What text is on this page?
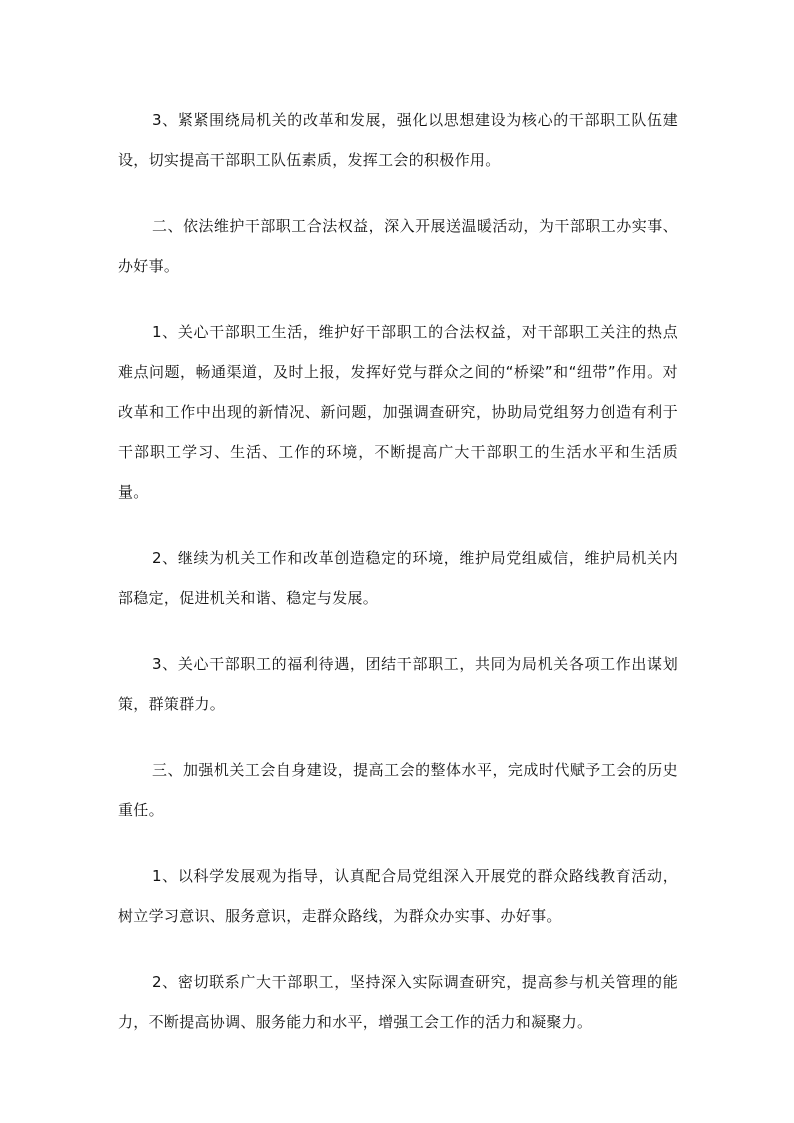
3、紧紧围绕局机关的改革和发展，强化以思想建设为核心的干部职工队伍建设，切实提高干部职工队伍素质，发挥工会的积极作用。

二、依法维护干部职工合法权益，深入开展送温暖活动，为干部职工办实事、办好事。

1、关心干部职工生活，维护好干部职工的合法权益，对干部职工关注的热点难点问题，畅通渠道，及时上报，发挥好党与群众之间的“桥梁”和“纽带”作用。对改革和工作中出现的新情况、新问题，加强调查研究，协助局党组努力创造有利于干部职工学习、生活、工作的环境，不断提高广大干部职工的生活水平和生活质量。

2、继续为机关工作和改革创造稳定的环境，维护局党组威信，维护局机关内部稳定，促进机关和谐、稳定与发展。

3、关心干部职工的福利待遇，团结干部职工，共同为局机关各项工作出谋划策，群策群力。

三、加强机关工会自身建设，提高工会的整体水平，完成时代赋予工会的历史重任。

1、以科学发展观为指导，认真配合局党组深入开展党的群众路线教育活动，树立学习意识、服务意识，走群众路线，为群众办实事、办好事。

2、密切联系广大干部职工，坚持深入实际调查研究，提高参与机关管理的能力，不断提高协调、服务能力和水平，增强工会工作的活力和凝聚力。
